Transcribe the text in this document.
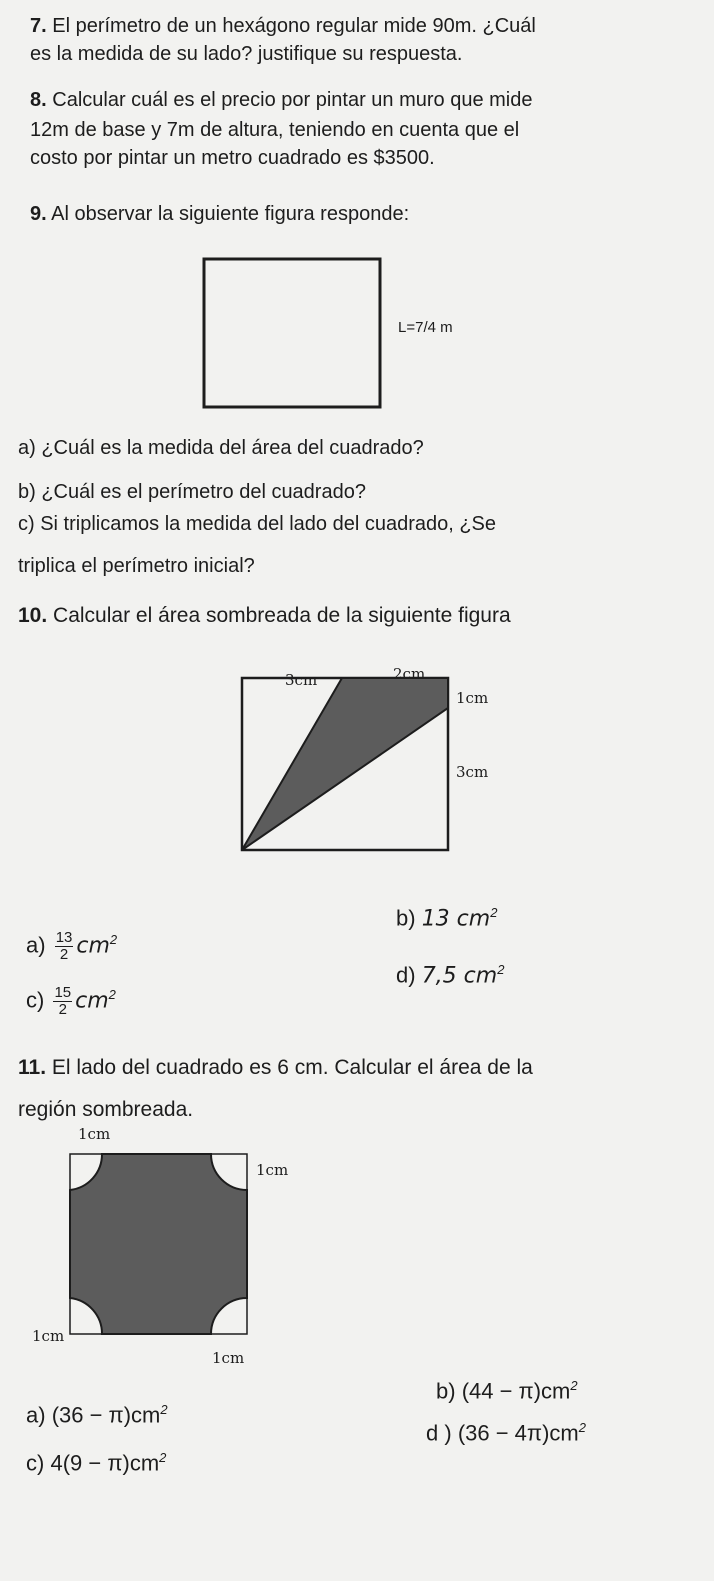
7. El perímetro de un hexágono regular mide 90m. ¿Cuál
es la medida de su lado? justifique su respuesta.
8. Calcular cuál es el precio por pintar un muro que mide
12m de base y 7m de altura, teniendo en cuenta que el
costo por pintar un metro cuadrado es $3500.
9. Al observar la siguiente figura responde:
L=7/4 m
a) ¿Cuál es la medida del área del cuadrado?
b) ¿Cuál es el perímetro del cuadrado?
c) Si triplicamos la medida del lado del cuadrado, ¿Se
triplica el perímetro inicial?
10. Calcular el área sombreada de la siguiente figura
3cm	2cm
1cm
3cm
$a) \frac{13}{2} cm^2$
b) 13 $cm^2$
$c) \frac{15}{2} cm^2$
d) 7,5 $cm^2$
11. El lado del cuadrado es 6 cm. Calcular el área de la
región sombreada.
1cm
1cm
1cm
1cm
a) $(36 - \pi)cm^2$
b) $(44 - \pi)cm^2$
c) $4(9 - \pi)cm^2$
d ) $(36 - 4\pi)cm^2$
